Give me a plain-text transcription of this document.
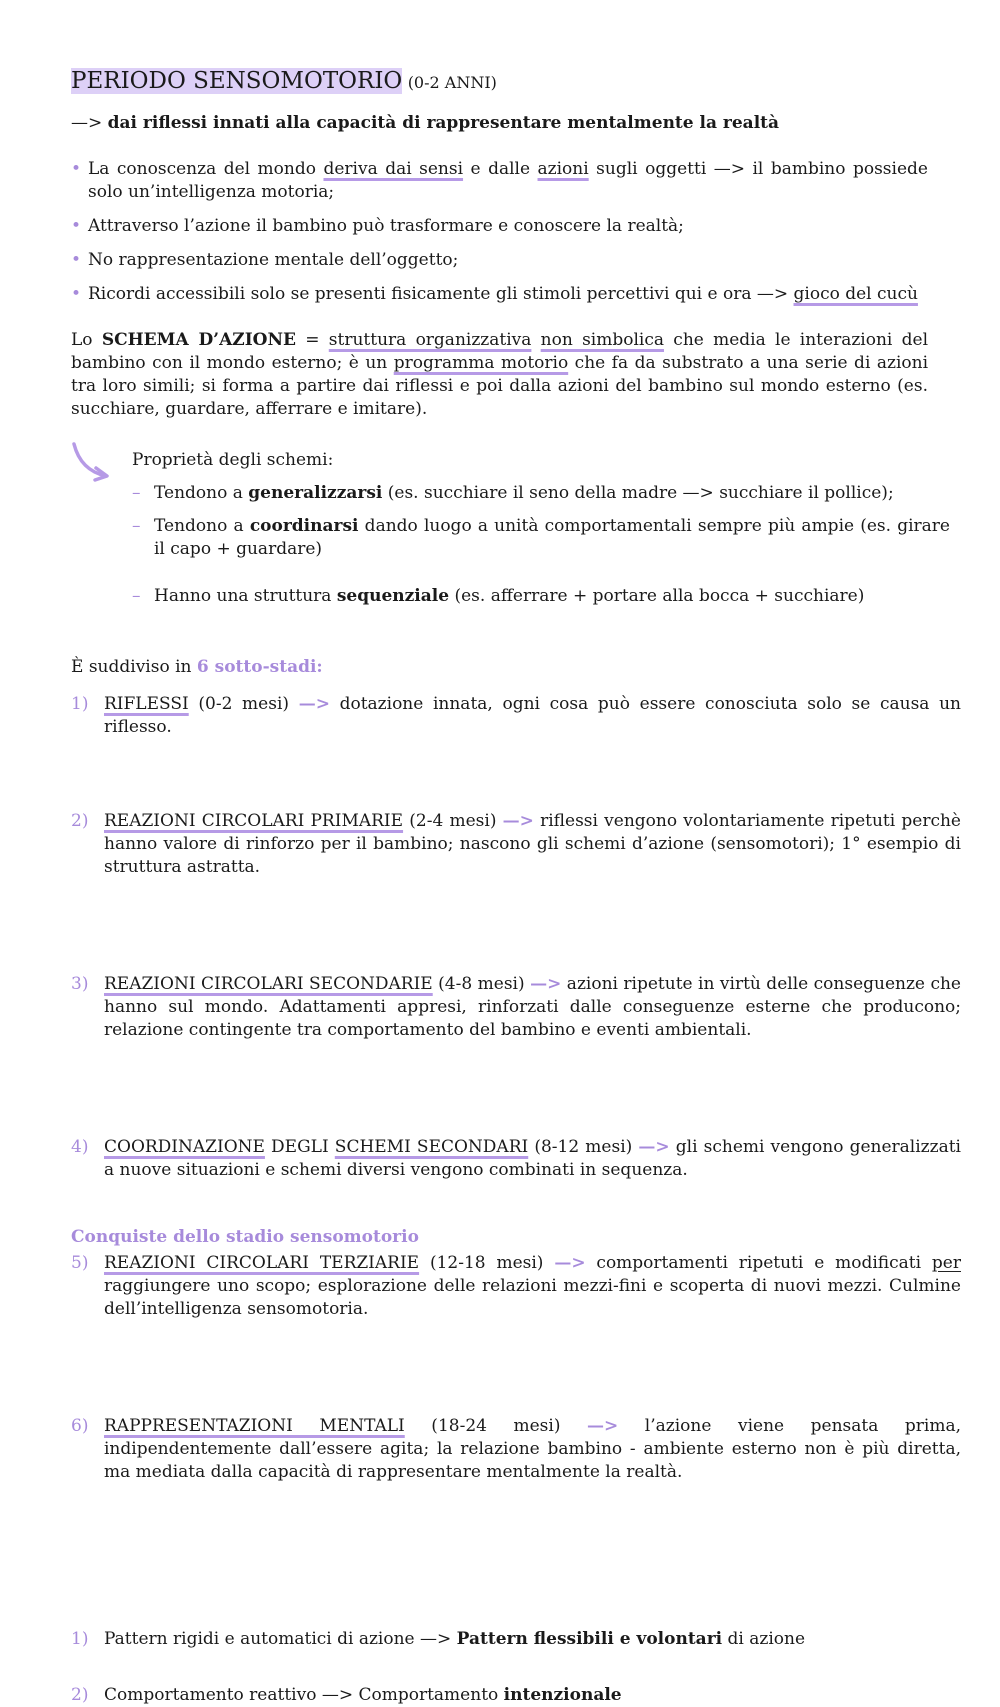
PERIODO SENSOMOTORIO (0-2 ANNI)
—> dai riflessi innati alla capacità di rappresentare mentalmente la realtà
• La conoscenza del mondo deriva dai sensi e dalle azioni sugli oggetti —> il bambino possiede solo un’intelligenza motoria;
• Attraverso l’azione il bambino può trasformare e conoscere la realtà;
• No rappresentazione mentale dell’oggetto;
• Ricordi accessibili solo se presenti fisicamente gli stimoli percettivi qui e ora —> gioco del cucù

Lo SCHEMA D’AZIONE = struttura organizzativa non simbolica che media le interazioni del bambino con il mondo esterno; è un programma motorio che fa da substrato a una serie di azioni tra loro simili; si forma a partire dai riflessi e poi dalla azioni del bambino sul mondo esterno (es. succhiare, guardare, afferrare e imitare).

Proprietà degli schemi:
– Tendono a generalizzarsi (es. succhiare il seno della madre —> succhiare il pollice);
– Tendono a coordinarsi dando luogo a unità comportamentali sempre più ampie (es. girare il capo + guardare)
– Hanno una struttura sequenziale (es. afferrare + portare alla bocca + succhiare)
È suddiviso in 6 sotto-stadi:
1) RIFLESSI (0-2 mesi) —> dotazione innata, ogni cosa può essere conosciuta solo se causa un riflesso.
2) REAZIONI CIRCOLARI PRIMARIE (2-4 mesi) —> riflessi vengono volontariamente ripetuti perchè hanno valore di rinforzo per il bambino; nascono gli schemi d’azione (sensomotori); 1° esempio di struttura astratta.
3) REAZIONI CIRCOLARI SECONDARIE (4-8 mesi) —> azioni ripetute in virtù delle conseguenze che hanno sul mondo. Adattamenti appresi, rinforzati dalle conseguenze esterne che producono; relazione contingente tra comportamento del bambino e eventi ambientali.
4) COORDINAZIONE DEGLI SCHEMI SECONDARI (8-12 mesi) —> gli schemi vengono generalizzati a nuove situazioni e schemi diversi vengono combinati in sequenza.
5) REAZIONI CIRCOLARI TERZIARIE (12-18 mesi) —> comportamenti ripetuti e modificati per raggiungere uno scopo; esplorazione delle relazioni mezzi-fini e scoperta di nuovi mezzi. Culmine dell’intelligenza sensomotoria.
6) RAPPRESENTAZIONI MENTALI (18-24 mesi) —> l’azione viene pensata prima, indipendentemente dall’essere agita; la relazione bambino - ambiente esterno non è più diretta, ma mediata dalla capacità di rappresentare mentalmente la realtà.
Conquiste dello stadio sensomotorio
1) Pattern rigidi e automatici di azione —> Pattern flessibili e volontari di azione
2) Comportamento reattivo —> Comportamento intenzionale
